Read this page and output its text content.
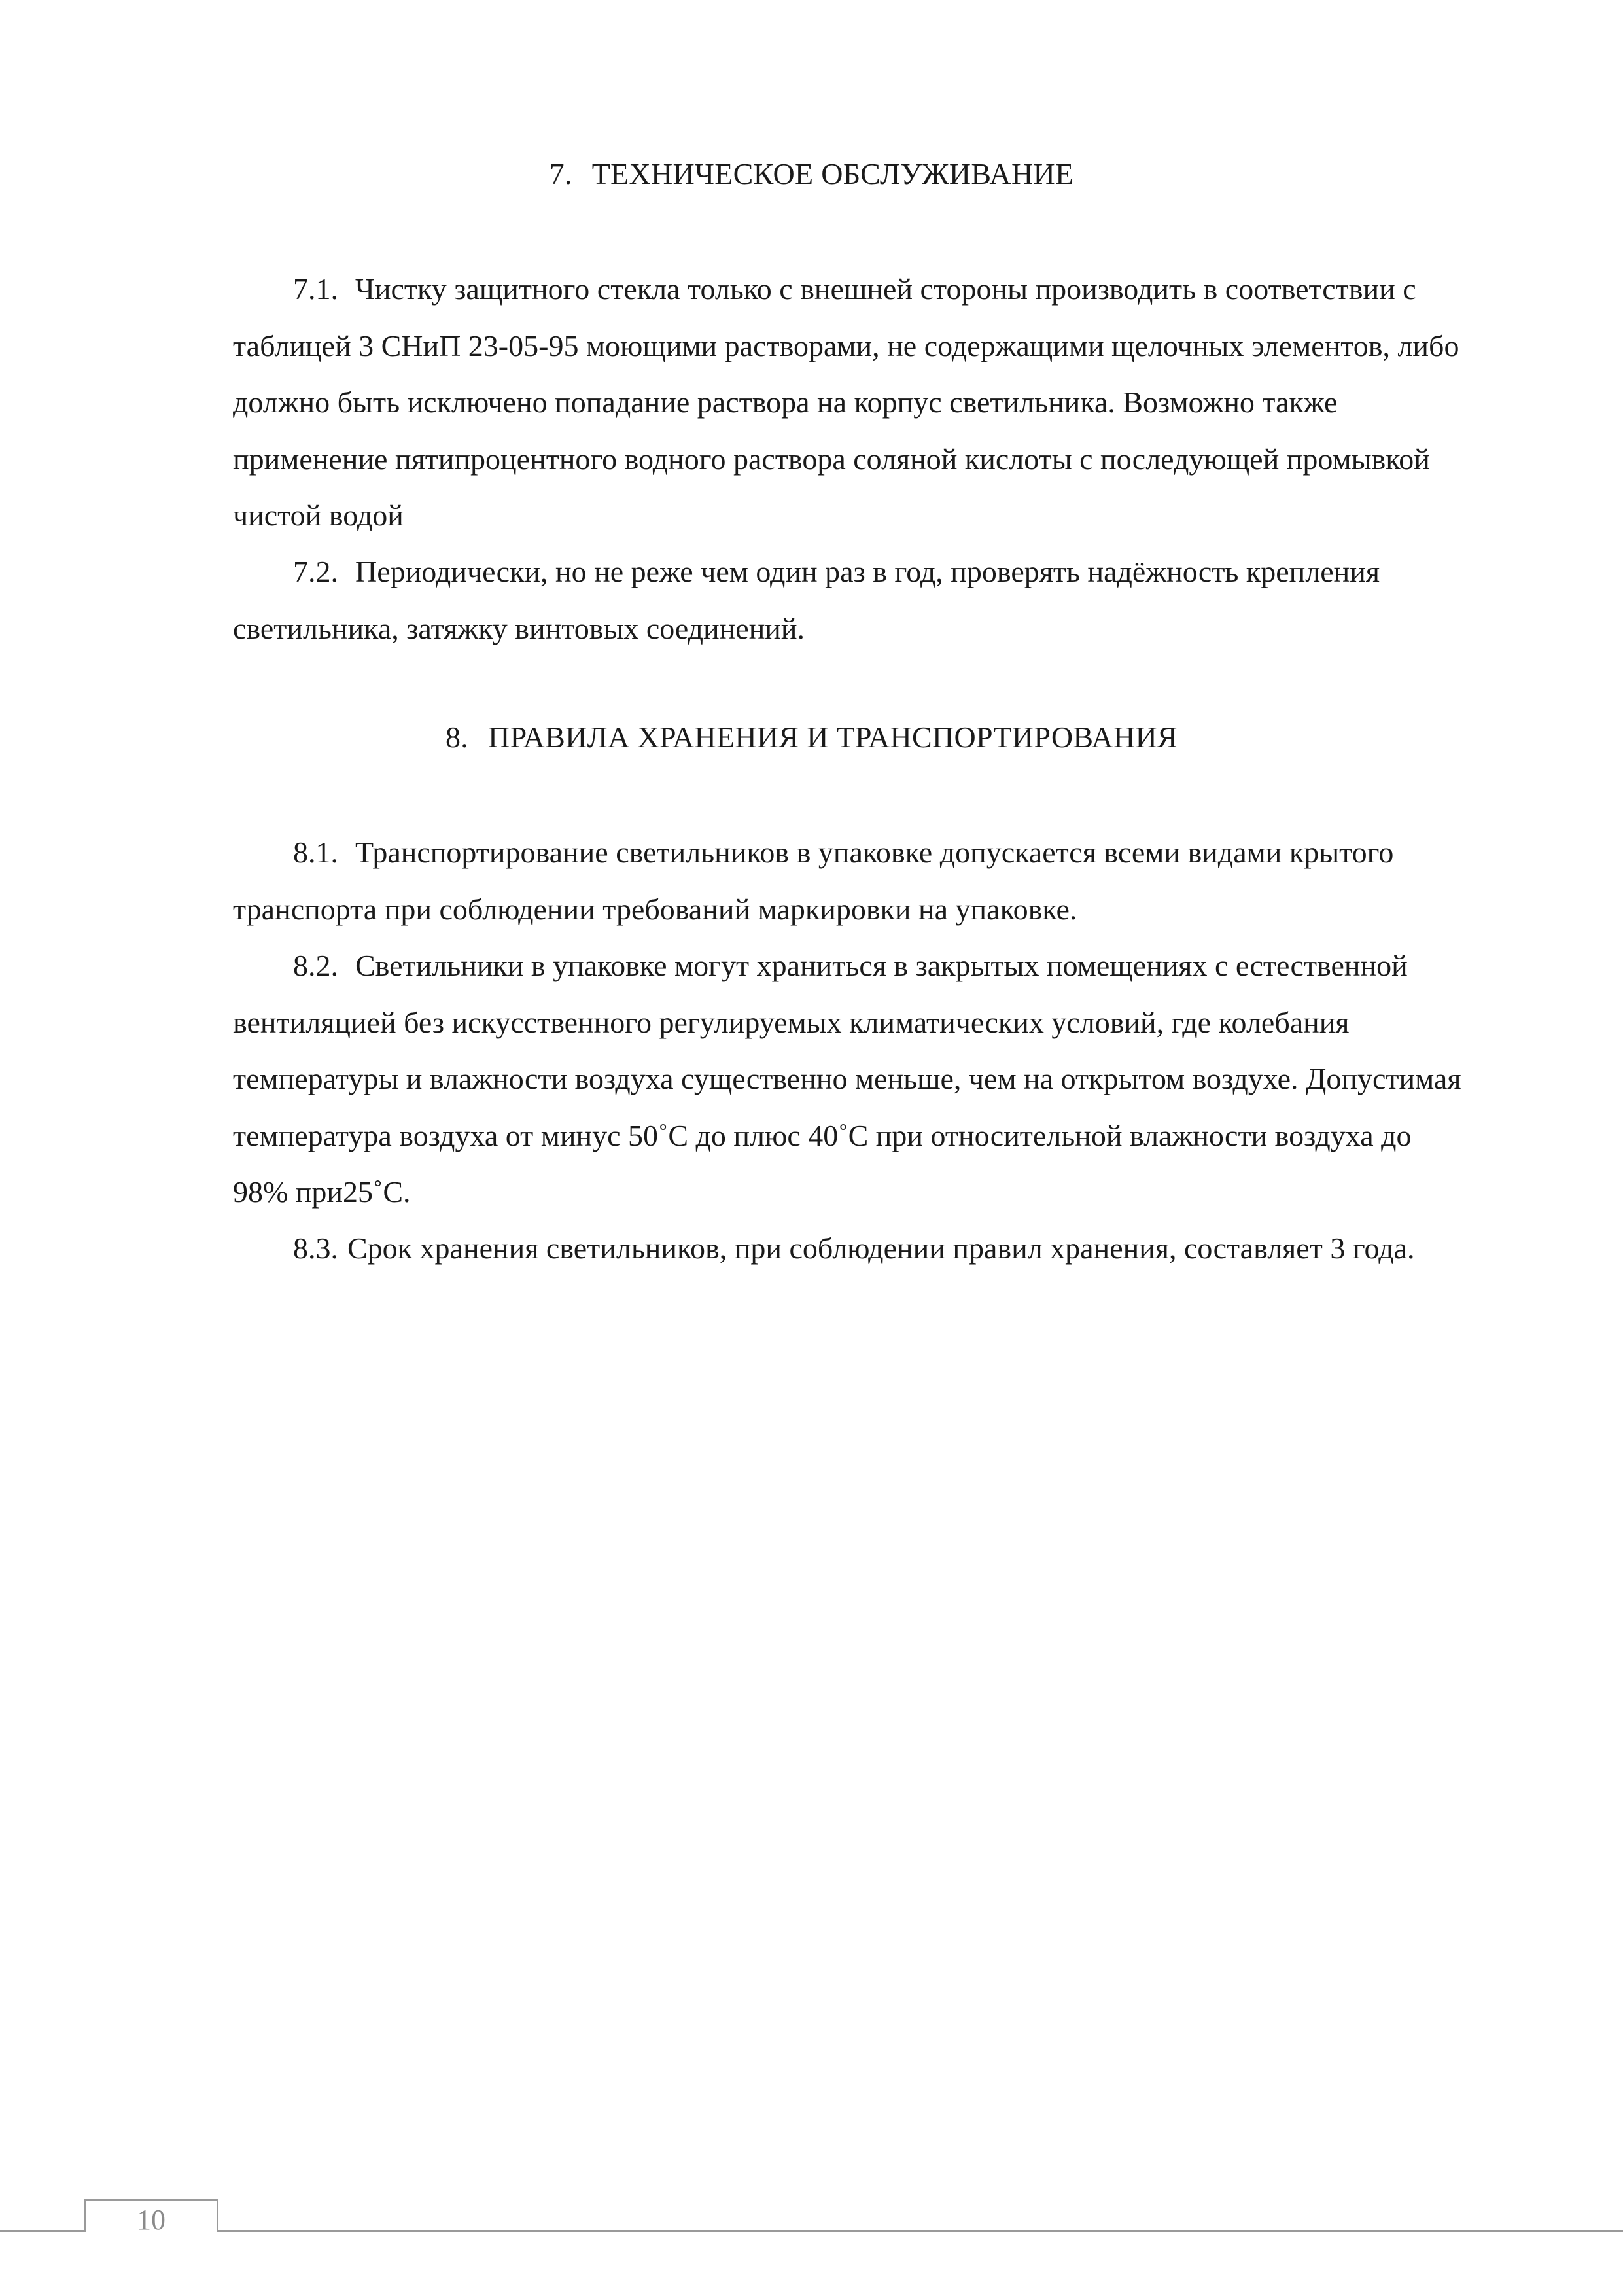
7. ТЕХНИЧЕСКОЕ ОБСЛУЖИВАНИЕ
7.1. Чистку защитного стекла только с внешней стороны производить в соответствии с таблицей 3 СНиП 23-05-95 моющими растворами, не содержащими щелочных элементов, либо должно быть исключено попадание раствора на корпус светильника. Возможно также применение пятипроцентного водного раствора соляной кислоты с последующей промывкой чистой водой
7.2. Периодически, но не реже чем один раз в год, проверять надёжность крепления светильника, затяжку винтовых соединений.
8. ПРАВИЛА ХРАНЕНИЯ И ТРАНСПОРТИРОВАНИЯ
8.1. Транспортирование светильников в упаковке допускается всеми видами крытого транспорта при соблюдении требований маркировки на упаковке.
8.2. Светильники в упаковке могут храниться в закрытых помещениях с естественной вентиляцией без искусственного регулируемых климатических условий, где колебания температуры и влажности воздуха существенно меньше, чем на открытом воздухе. Допустимая температура воздуха от минус 50˚С до плюс 40˚С при относительной влажности воздуха до 98% при25˚С.
8.3. Срок хранения светильников, при соблюдении правил хранения, составляет 3 года.
10
